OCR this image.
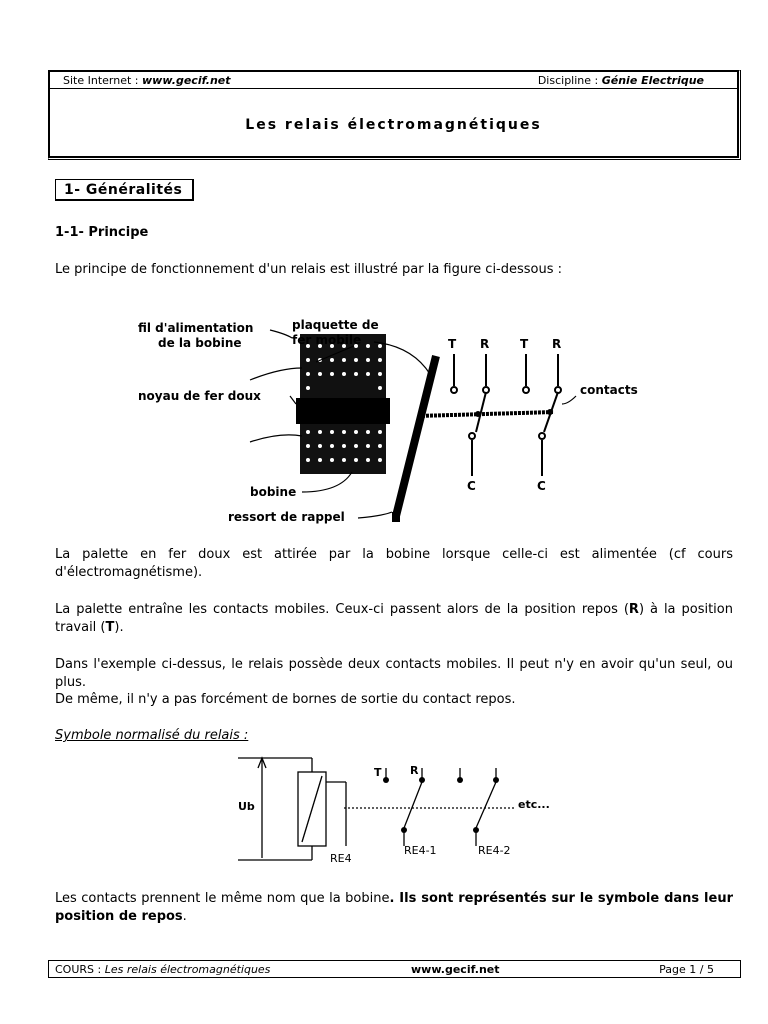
Site Internet : www.gecif.net	Discipline : Génie Electrique
Les relais électromagnétiques
1- Généralités
1-1- Principe
Le principe de fonctionnement d'un relais est illustré par la figure ci-dessous :
fil d'alimentation
de la bobine
plaquette de
fer mobile
noyau de fer doux	contacts
bobine
ressort de rappel
T R	T R
C	C
La palette en fer doux est attirée par la bobine lorsque celle-ci est alimentée (cf cours d'électromagnétisme).
La palette entraîne les contacts mobiles. Ceux-ci passent alors de la position repos (R) à la position travail (T).
Dans l'exemple ci-dessus, le relais possède deux contacts mobiles. Il peut n'y en avoir qu'un seul, ou plus.
De même, il n'y a pas forcément de bornes de sortie du contact repos.
Symbole normalisé du relais :
Ub
RE4
T	R
etc...
RE4-1	RE4-2
Les contacts prennent le même nom que la bobine. Ils sont représentés sur le symbole dans leur position de repos.
COURS : Les relais électromagnétiques	www.gecif.net	Page 1 / 5
